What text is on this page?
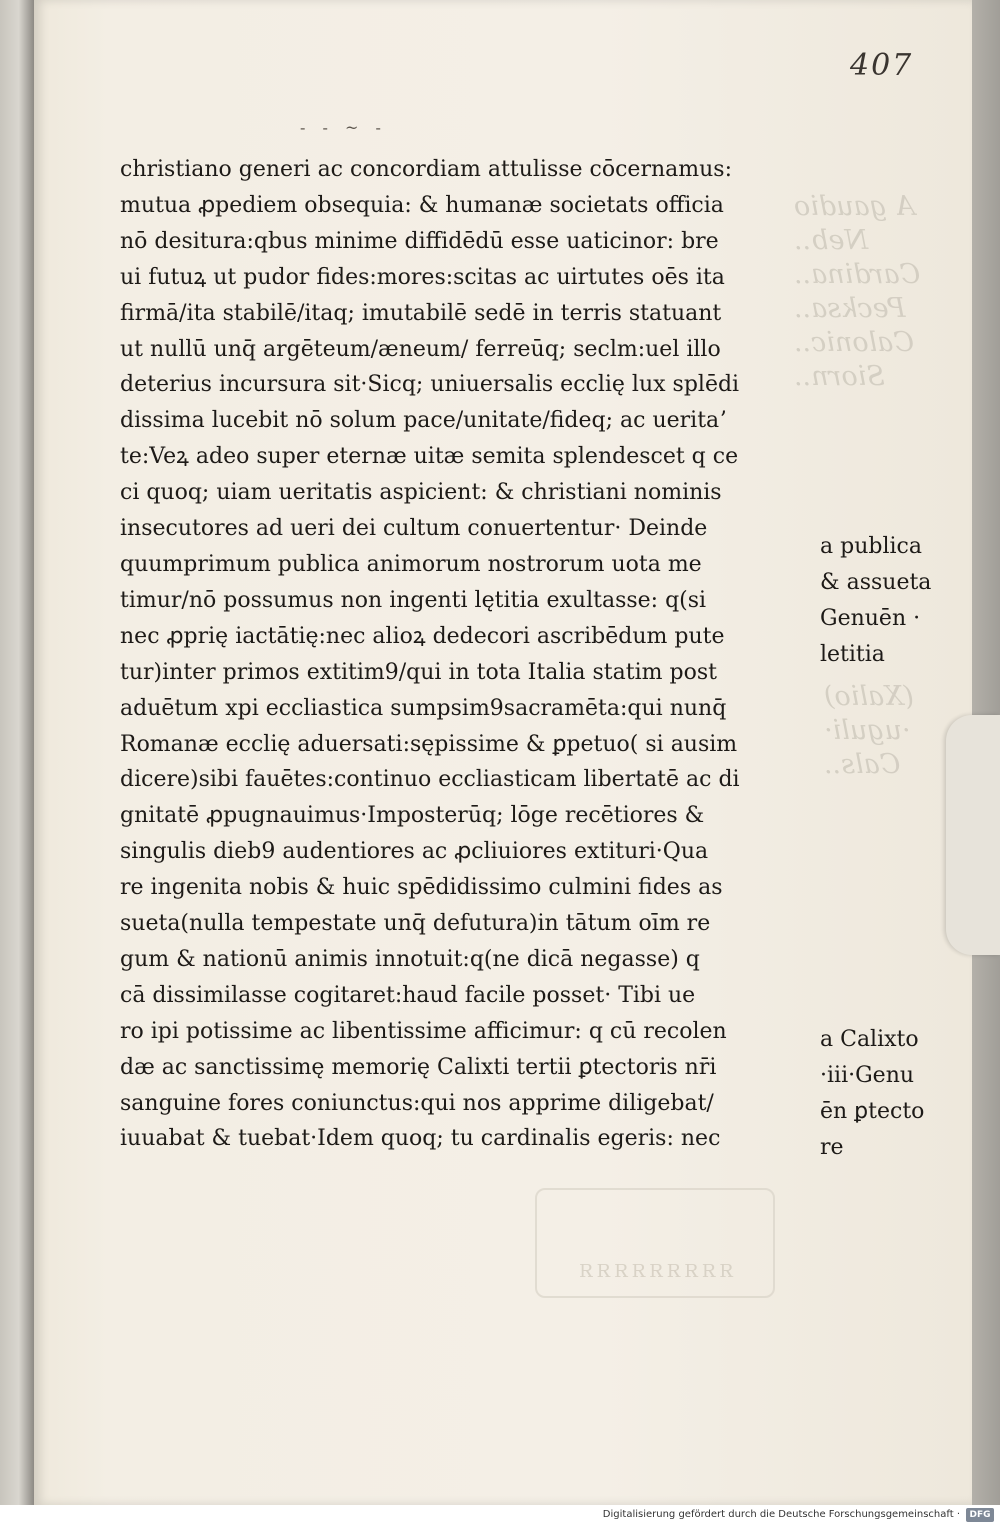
A gaudio
Neb..
Cardina..
Pecksa..
Calonic..
Siorn..
(Xalio)
·uguli·
Cals..
407
- - ~ -
christiano generi ac concordiam attulisse cōcernamus:
mutua ꝓpediem obsequia: & humanæ societats officia
nō desitura:qbus minime diffidēdū esse uaticinor: bre
ui futuꝝ ut pudor fides:mores:scitas ac uirtutes oēs ita
firmā/ita stabilē/itaq; imutabilē sedē in terris statuant
ut nullū unq̄ argēteum/æneum/ ferreūq; seclm:uel illo
deterius incursura sit·Sicq; uniuersalis ecclię lux splēdi
dissima lucebit nō solum pace/unitate/fideq; ac ueritaʼ
te:Veꝝ adeo super eternæ uitæ semita splendescet q ce
ci quoq; uiam ueritatis aspicient: & christiani nominis
insecutores ad ueri dei cultum conuertentur· Deinde
quumprimum publica animorum nostrorum uota me
timur/nō possumus non ingenti lętitia exultasse: q(si
nec ꝓprię iactātię:nec alioꝝ dedecori ascribēdum pute
tur)inter primos extitim9/qui in tota Italia statim post
aduētum xpi eccliastica sumpsim9sacramēta:qui nunq̄
Romanæ ecclię aduersati:sępissime & ꝑpetuo( si ausim
dicere)sibi fauētes:continuo eccliasticam libertatē ac di
gnitatē ꝓpugnauimus·Imposterūq; lōge recētiores &
singulis dieb9 audentiores ac ꝓcliuiores extituri·Qua
re ingenita nobis & huic spēdidissimo culmini fides as
sueta(nulla tempestate unq̄ defutura)in tātum oīm re
gum & nationū animis innotuit:q(ne dicā negasse) q
cā dissimilasse cogitaret:haud facile posset· Tibi ue
ro ipi potissime ac libentissime afficimur: q cū recolen
dæ ac sanctissimę memorię Calixti tertii ꝑtectoris nr̄i
sanguine fores coniunctus:qui nos apprime diligebat/
iuuabat & tuebat·Idem quoq; tu cardinalis egeris: nec
a publica
& assueta
Genuēn ·
letitia
a Calixto
·iii·Genu
ēn ꝑtecto
re
ЯЯЯЯЯЯЯЯЯ
Digitalisierung gefördert durch die Deutsche Forschungsgemeinschaft ·	DFG
